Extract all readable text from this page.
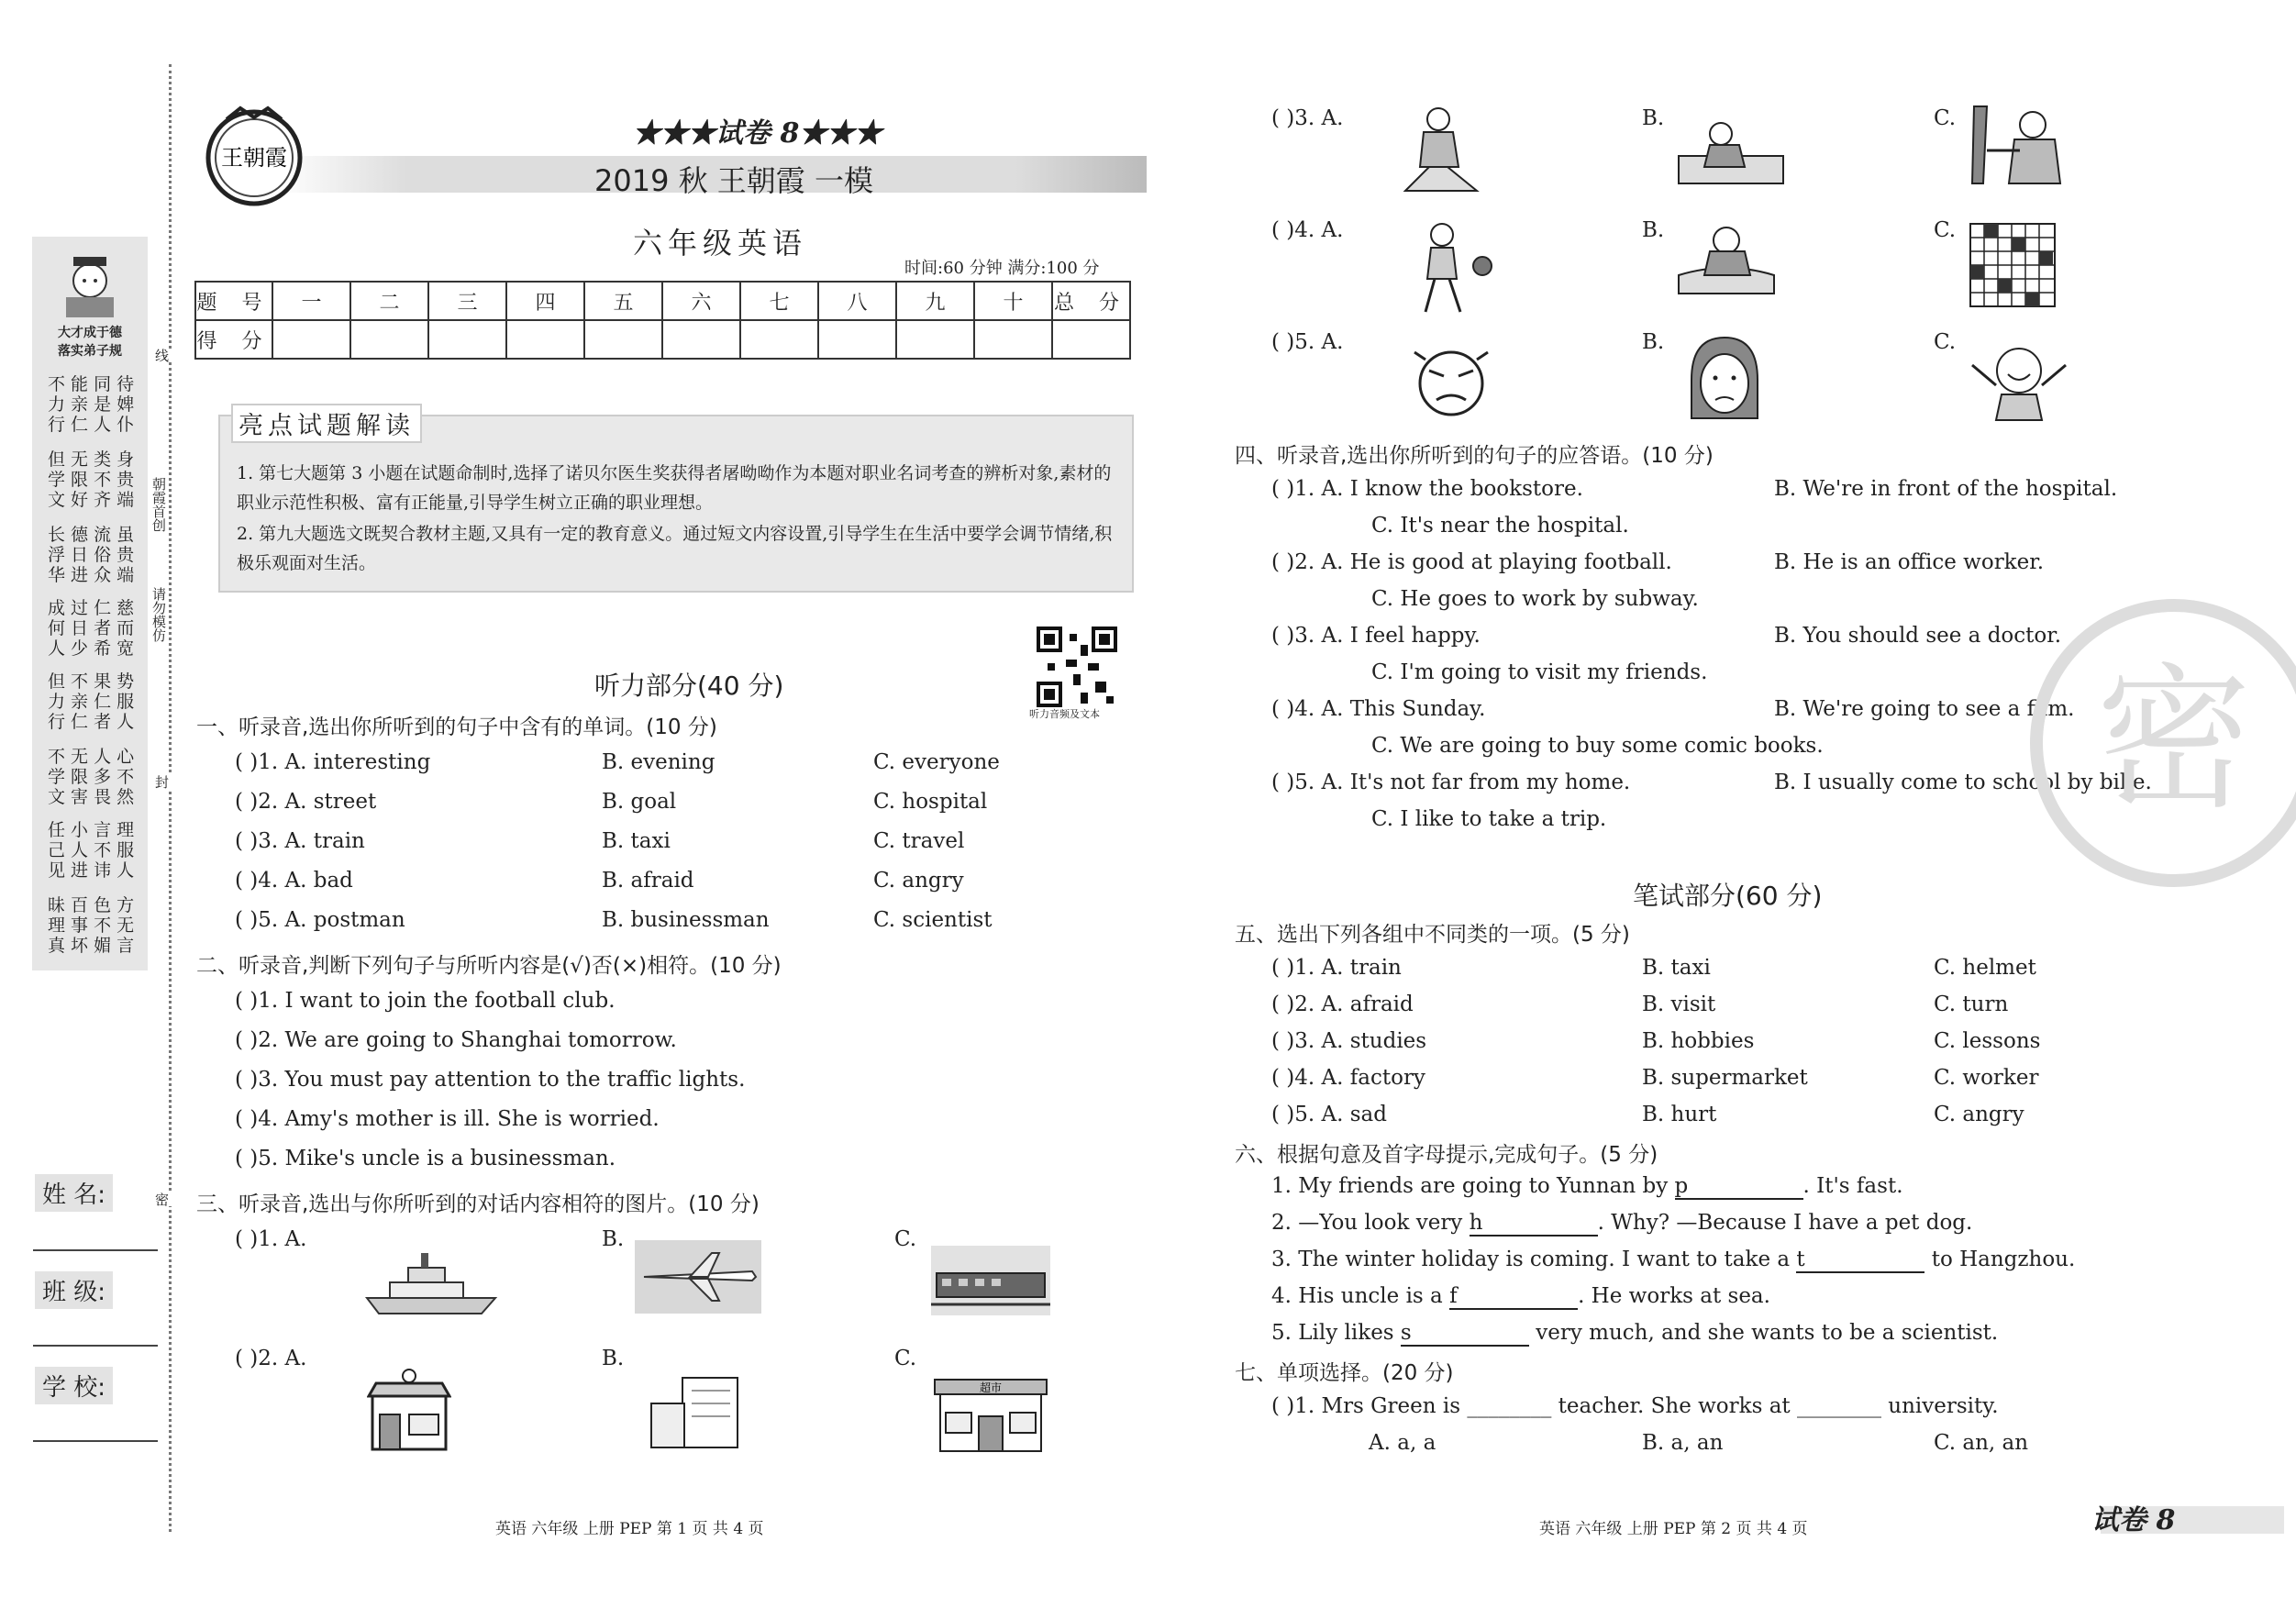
大才成于德
落实弟子规
不 能 同 待
力 亲 是 婢
行 仁 人 仆
但 无 类 身
学 限 不 贵
文 好 齐 端
长 德 流 虽
浮 日 俗 贵
华 进 众 端
成 过 仁 慈
何 日 者 而
人 少 希 宽
但 不 果 势
力 亲 仁 服
行 仁 者 人
不 无 人 心
学 限 多 不
文 害 畏 然
任 小 言 理
己 人 不 服
见 进 讳 人
昧 百 色 方
理 事 不 无
真 坏 媚 言
线
朝霞首创
请勿模仿
封
密
姓 名:
班 级:
学 校:
王朝霞
★★★试卷 8★★★
2019 秋 王朝霞 一模
六年级英语
时间:60 分钟 满分:100 分
题 号	一	二	三	四	五	六	七	八	九	十	总 分
得 分											
亮点试题解读
1. 第七大题第 3 小题在试题命制时,选择了诺贝尔医生奖获得者屠呦呦作为本题对职业名词考查的辨析对象,素材的职业示范性积极、富有正能量,引导学生树立正确的职业理想。
2. 第九大题选文既契合教材主题,又具有一定的教育意义。通过短文内容设置,引导学生在生活中要学会调节情绪,积极乐观面对生活。
听力音频及文本
听力部分(40 分)
一、听录音,选出你所听到的句子中含有的单词。(10 分)
( )1. A. interesting	B. evening	C. everyone
( )2. A. street	B. goal	C. hospital
( )3. A. train	B. taxi	C. travel
( )4. A. bad	B. afraid	C. angry
( )5. A. postman	B. businessman	C. scientist
二、听录音,判断下列句子与所听内容是(√)否(×)相符。(10 分)
( )1. I want to join the football club.
( )2. We are going to Shanghai tomorrow.
( )3. You must pay attention to the traffic lights.
( )4. Amy's mother is ill. She is worried.
( )5. Mike's uncle is a businessman.
三、听录音,选出与你所听到的对话内容相符的图片。(10 分)
( )1. A.	B.	C.
( )2. A.	B.	C.
超市
( )3. A.	B.	C.
( )4. A.	B.	C.
( )5. A.	B.	C.
四、听录音,选出你所听到的句子的应答语。(10 分)
( )1. A. I know the bookstore.	B. We're in front of the hospital.
C. It's near the hospital.
( )2. A. He is good at playing football.	B. He is an office worker.
C. He goes to work by subway.
( )3. A. I feel happy.	B. You should see a doctor.
C. I'm going to visit my friends.
( )4. A. This Sunday.	B. We're going to see a film.
C. We are going to buy some comic books.
( )5. A. It's not far from my home.	B. I usually come to school by bike.
C. I like to take a trip.	密
笔试部分(60 分)
五、选出下列各组中不同类的一项。(5 分)
( )1. A. train	B. taxi	C. helmet
( )2. A. afraid	B. visit	C. turn
( )3. A. studies	B. hobbies	C. lessons
( )4. A. factory	B. supermarket	C. worker
( )5. A. sad	B. hurt	C. angry
六、根据句意及首字母提示,完成句子。(5 分)
1. My friends are going to Yunnan by p	. It's fast.
2. —You look very h	. Why? —Because I have a pet dog.
3. The winter holiday is coming. I want to take a t	to Hangzhou.
4. His uncle is a f	. He works at sea.
5. Lily likes s	very much, and she wants to be a scientist.
七、单项选择。(20 分)
( )1. Mrs Green is ________ teacher. She works at ________ university.
A. a, a	B. a, an	C. an, an
英语 六年级 上册 PEP 第 1 页 共 4 页	英语 六年级 上册 PEP 第 2 页 共 4 页	试卷 8
